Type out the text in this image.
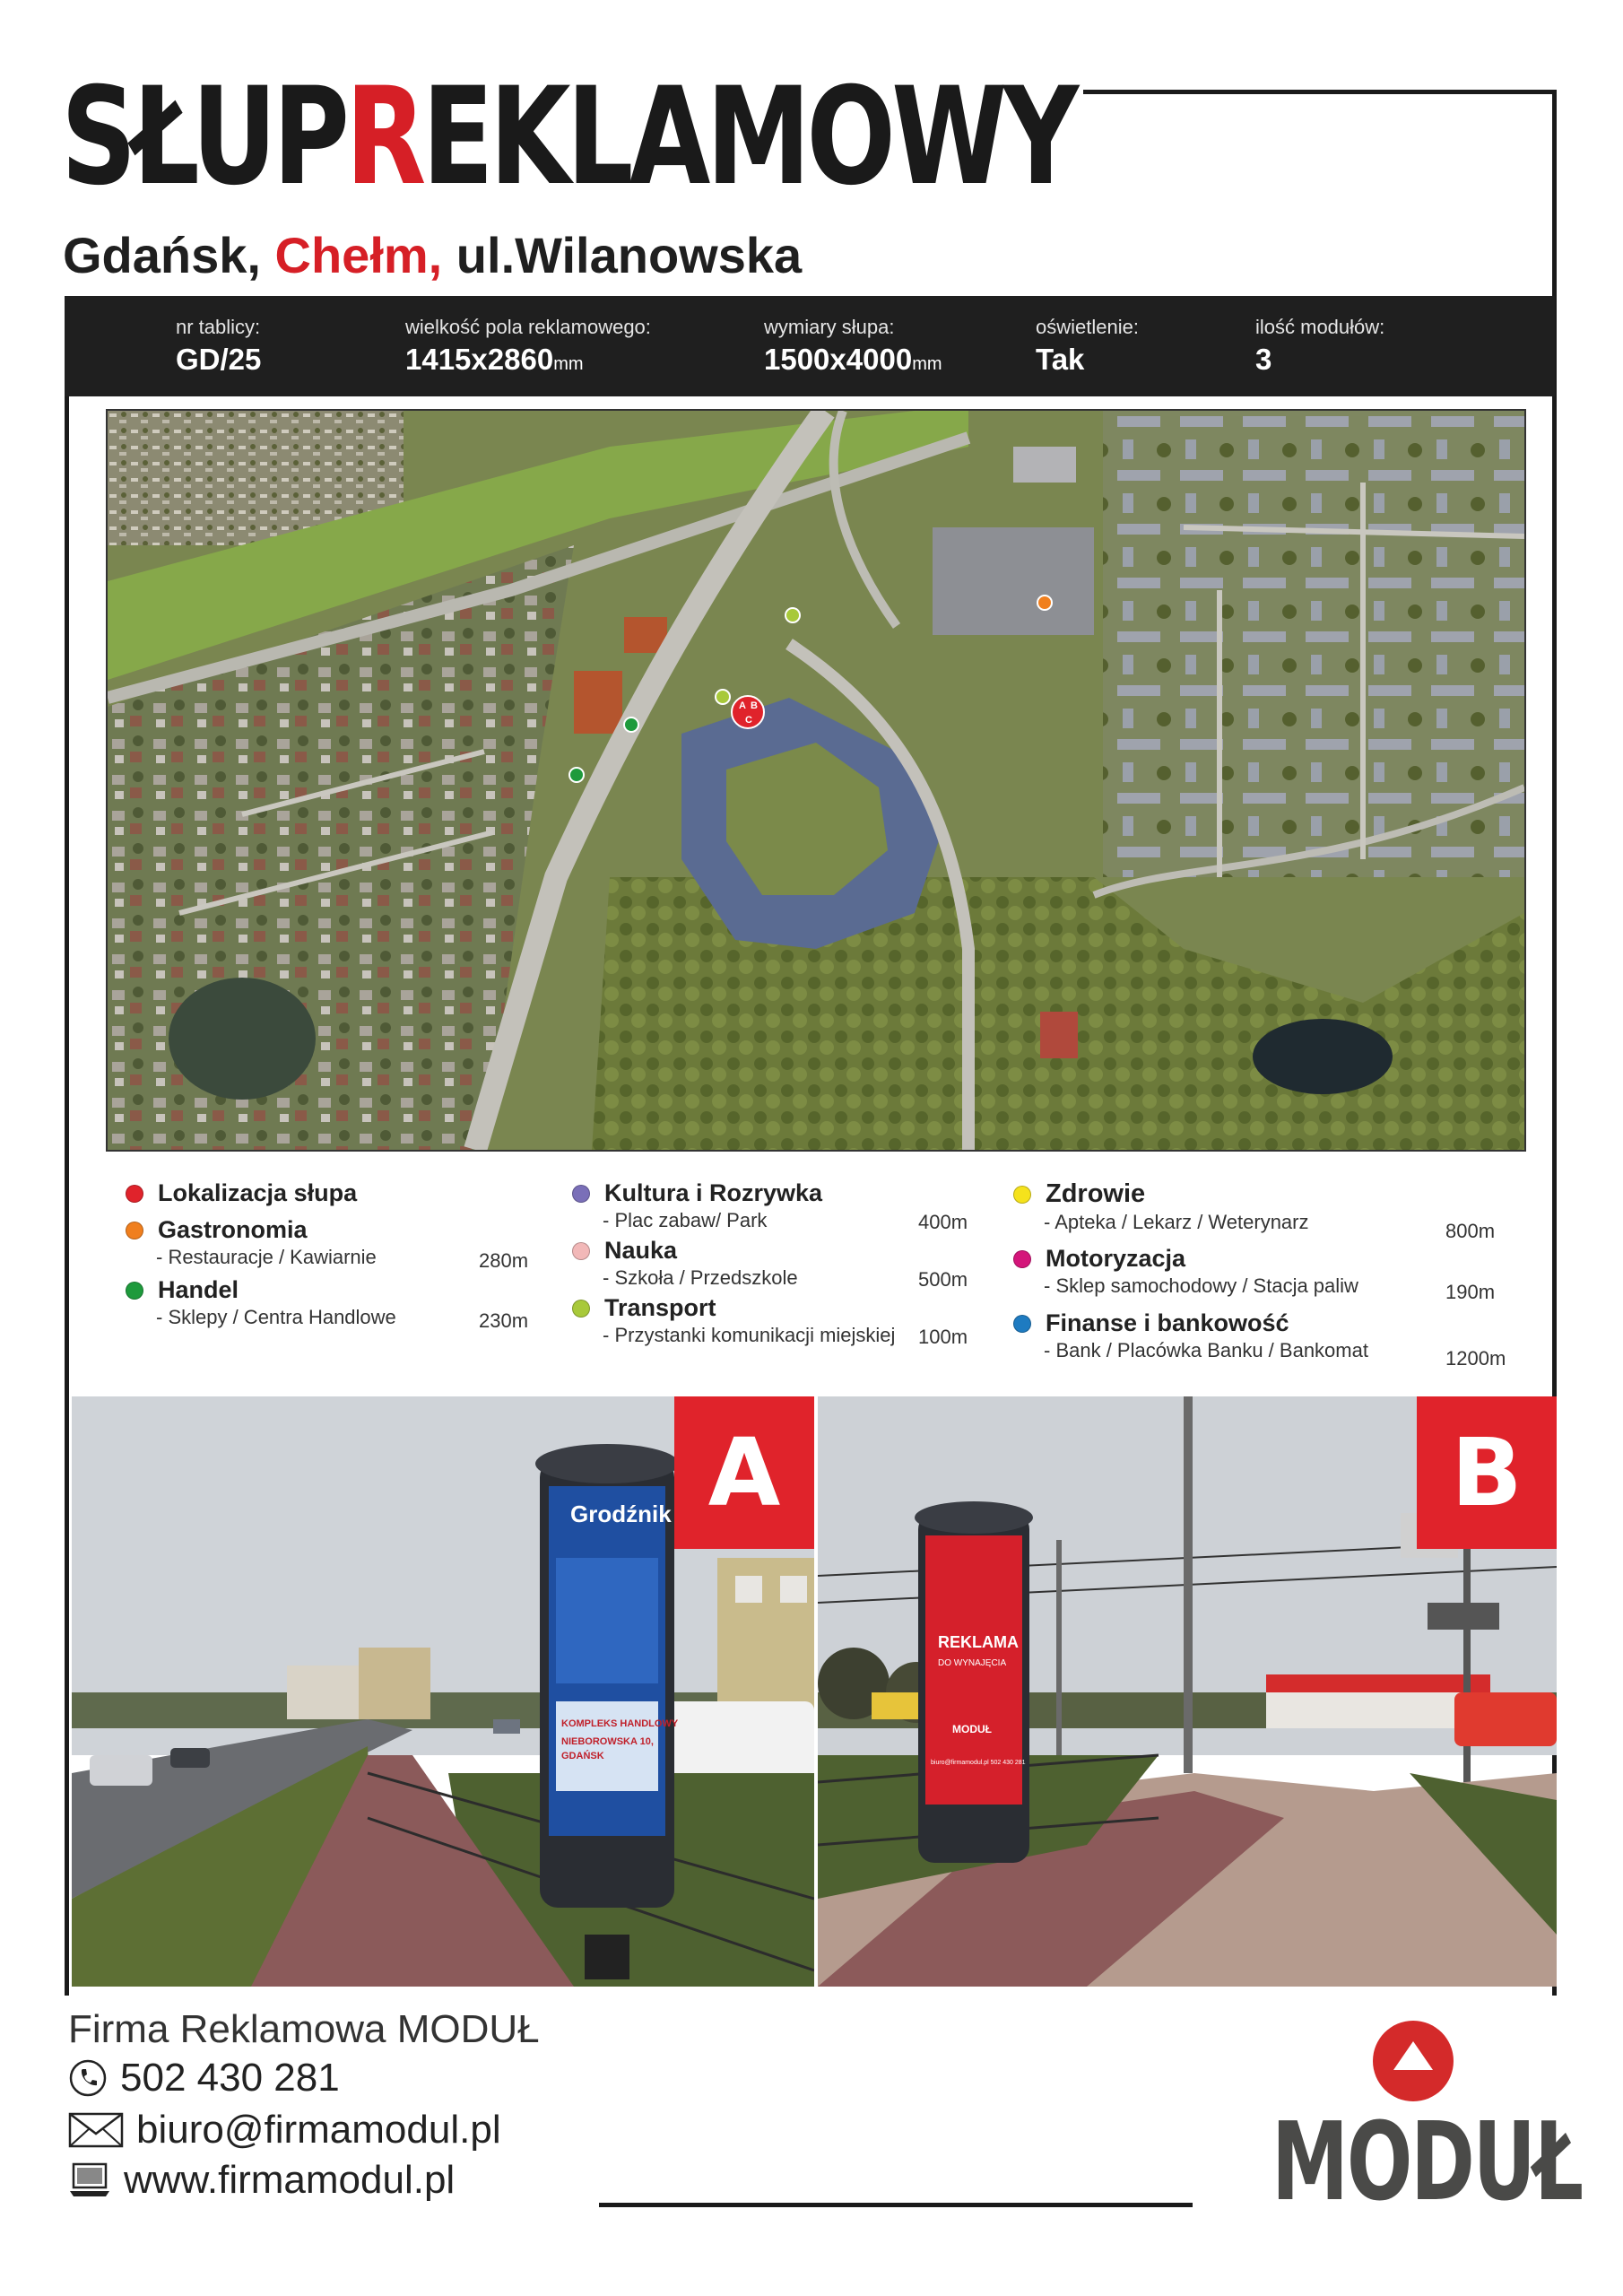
SŁUPREKLAMOWY
Gdańsk, Chełm, ul.Wilanowska
nr tablicy:
GD/25
wielkość pola reklamowego:
1415x2860mm
wymiary słupa:
1500x4000mm
oświetlenie:
Tak
ilość modułów:
3
A B
C
Lokalizacja słupa
Gastronomia
- Restauracje / Kawiarnie	280m
Handel
- Sklepy / Centra Handlowe	230m
Kultura i Rozrywka
- Plac zabaw/ Park	400m
Nauka
- Szkoła / Przedszkole	500m
Transport
- Przystanki komunikacji miejskiej 100m
Zdrowie
- Apteka / Lekarz / Weterynarz	800m
Motoryzacja
- Sklep samochodowy / Stacja paliw	190m
Finanse i bankowość
- Bank / Placówka Banku / Bankomat	1200m
Grodźnik
KOMPLEKS HANDLOWY
NIEBOROWSKA 10,
GDAŃSK
A
REKLAMA
DO WYNAJĘCIA
MODUŁ
biuro@firmamodul.pl 502 430 281
B
Firma Reklamowa MODUŁ
502 430 281
biuro@firmamodul.pl
www.firmamodul.pl	MODUŁ
